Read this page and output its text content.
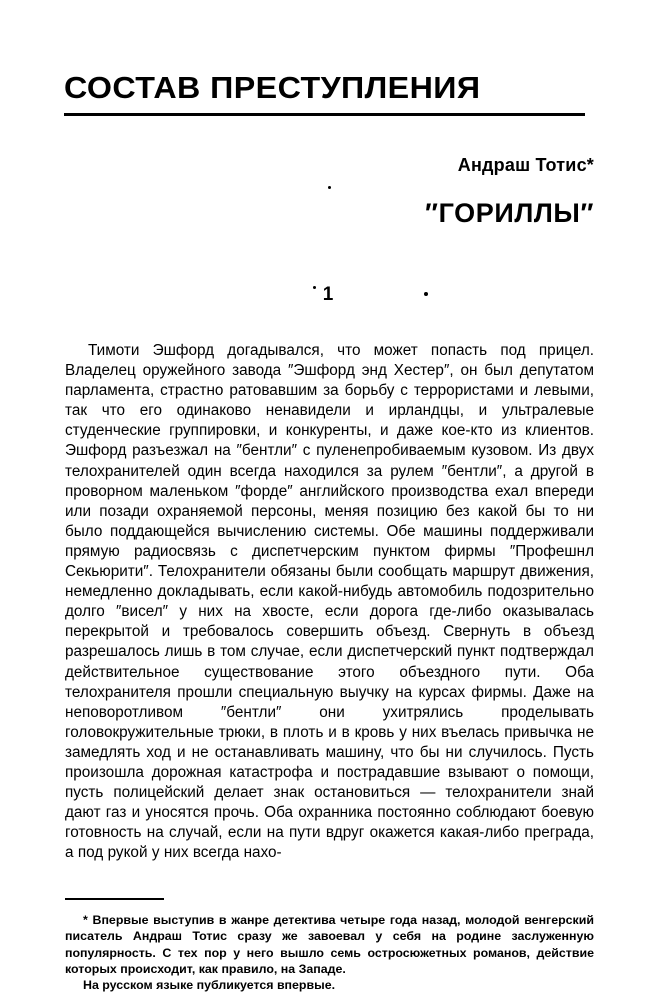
СОСТАВ ПРЕСТУПЛЕНИЯ
Андраш Тотис*
″ГОРИЛЛЫ″
1

Тимоти Эшфорд догадывался, что может попасть под прицел. Владелец оружейного завода ″Эшфорд энд Хестер″, он был депутатом парламента, страстно ратовавшим за борьбу с террористами и левыми, так что его одинаково ненавидели и ирландцы, и ультралевые студенческие группировки, и конкуренты, и даже кое-кто из клиентов. Эшфорд разъезжал на ″бентли″ с пуленепробиваемым кузовом. Из двух телохранителей один всегда находился за рулем ″бентли″, а другой в проворном маленьком ″форде″ английского производства ехал впереди или позади охраняемой персоны, меняя позицию без какой бы то ни было поддающейся вычислению системы. Обе машины поддерживали прямую радиосвязь с диспетчерским пунктом фирмы ″Профешнл Секьюрити″. Телохранители обязаны были сообщать маршрут движения, немедленно докладывать, если какой-нибудь автомобиль подозрительно долго ″висел″ у них на хвосте, если дорога где-либо оказывалась перекрытой и требовалось совершить объезд. Свернуть в объезд разрешалось лишь в том случае, если диспетчерский пункт подтверждал действительное существование этого объездного пути. Оба телохранителя прошли специальную выучку на курсах фирмы. Даже на неповоротливом ″бентли″ они ухитрялись проделывать головокружительные трюки, в плоть и в кровь у них въелась привычка не замедлять ход и не останавливать машину, что бы ни случилось. Пусть произошла дорожная катастрофа и пострадавшие взывают о помощи, пусть полицейский делает знак остановиться — телохранители знай дают газ и уносятся прочь. Оба охранника постоянно соблюдают боевую готовность на случай, если на пути вдруг окажется какая-либо преграда, а под рукой у них всегда нахо-

* Впервые выступив в жанре детектива четыре года назад, молодой венгерский писатель Андраш Тотис сразу же завоевал у себя на родине заслуженную популярность. С тех пор у него вышло семь остросюжетных романов, действие которых происходит, как правило, на Западе.

На русском языке публикуется впервые.
